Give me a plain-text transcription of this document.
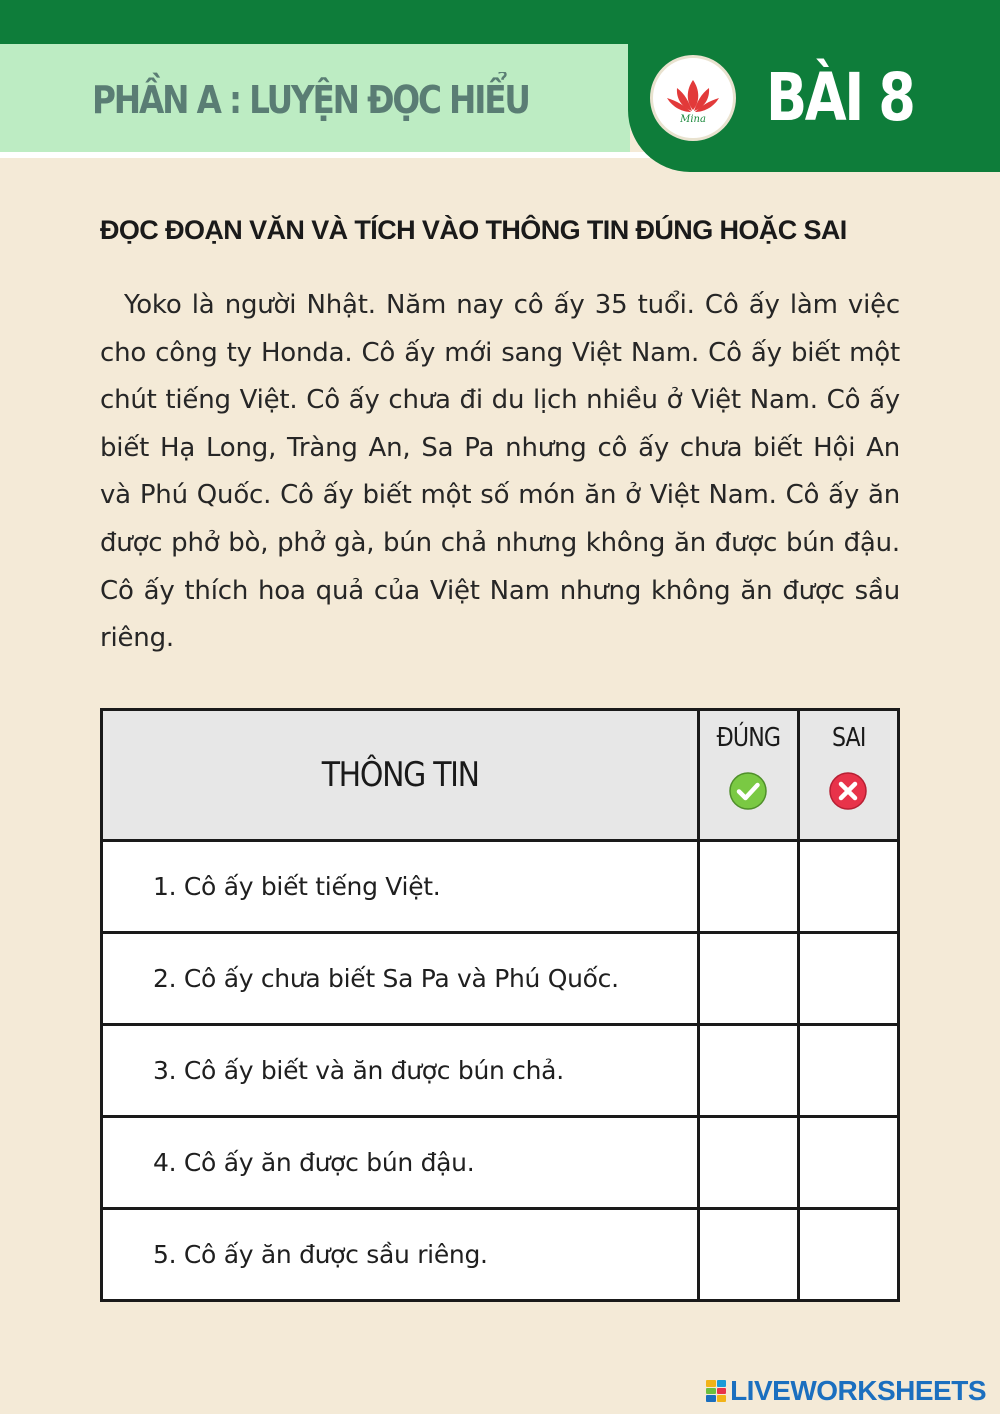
PHẦN A : LUYỆN ĐỌC HIỂU	Mina BÀI 8
ĐỌC ĐOẠN VĂN VÀ TÍCH VÀO THÔNG TIN ĐÚNG HOẶC SAI

Yoko là người Nhật. Năm nay cô ấy 35 tuổi. Cô ấy làm việc cho công ty Honda. Cô ấy mới sang Việt Nam. Cô ấy biết một chút tiếng Việt. Cô ấy chưa đi du lịch nhiều ở Việt Nam. Cô ấy biết Hạ Long, Tràng An, Sa Pa nhưng cô ấy chưa biết Hội An và Phú Quốc. Cô ấy biết một số món ăn ở Việt Nam. Cô ấy ăn được phở bò, phở gà, bún chả nhưng không ăn được bún đậu. Cô ấy thích hoa quả của Việt Nam nhưng không ăn được sầu riêng.

THÔNG TIN	ĐÚNG	SAI

1. Cô ấy biết tiếng Việt.		
2. Cô ấy chưa biết Sa Pa và Phú Quốc.		
3. Cô ấy biết và ăn được bún chả.		
4. Cô ấy ăn được bún đậu.		
5. Cô ấy ăn được sầu riêng.		
LIVEWORKSHEETS
